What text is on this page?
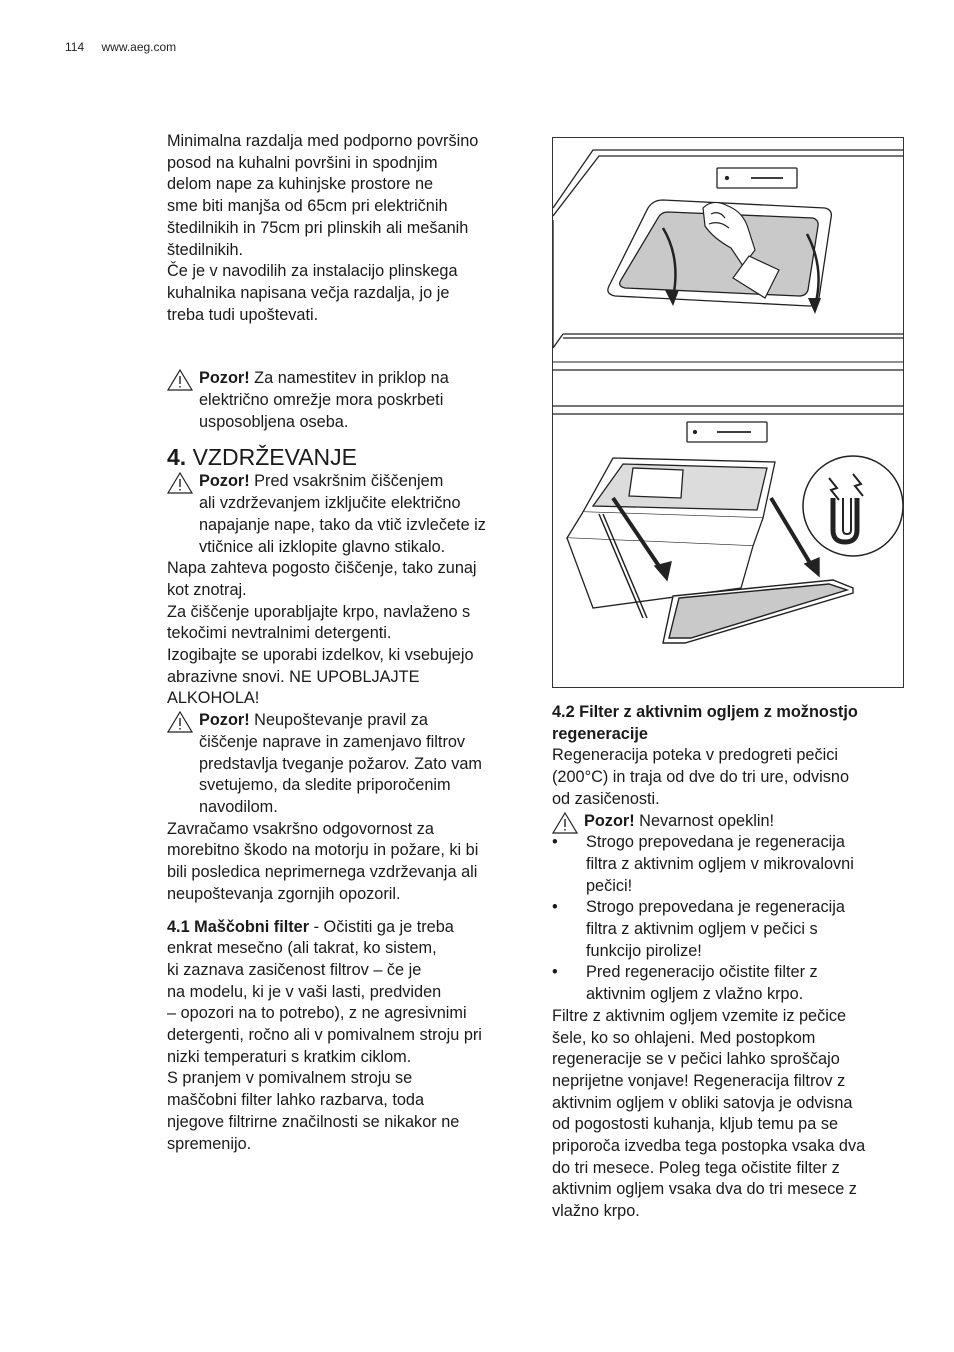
114 www.aeg.com

Minimalna razdalja med podporno površino

posod na kuhalni površini in spodnjim

delom nape za kuhinjske prostore ne

sme biti manjša od 65cm pri električnih

štedilnikih in 75cm pri plinskih ali mešanih

štedilnikih.

Če je v navodilih za instalacijo plinskega

kuhalnika napisana večja razdalja, jo je

treba tudi upoštevati.

Pozor! Za namestitev in priklop na

električno omrežje mora poskrbeti

usposobljena oseba.

4. VZDRŽEVANJE

Pozor! Pred vsakršnim čiščenjem

ali vzdrževanjem izključite električno

napajanje nape, tako da vtič izvlečete iz

vtičnice ali izklopite glavno stikalo.

Napa zahteva pogosto čiščenje, tako zunaj

kot znotraj.

Za čiščenje uporabljajte krpo, navlaženo s

tekočimi nevtralnimi detergenti.

Izogibajte se uporabi izdelkov, ki vsebujejo

abrazivne snovi. NE UPOBLJAJTE

ALKOHOLA!

Pozor! Neupoštevanje pravil za

čiščenje naprave in zamenjavo filtrov

predstavlja tveganje požarov. Zato vam

svetujemo, da sledite priporočenim

navodilom.

Zavračamo vsakršno odgovornost za

morebitno škodo na motorju in požare, ki bi

bili posledica neprimernega vzdrževanja ali

neupoštevanja zgornjih opozoril.

4.1 Maščobni filter - Očistiti ga je treba

enkrat mesečno (ali takrat, ko sistem,

ki zaznava zasičenost filtrov – če je

na modelu, ki je v vaši lasti, predviden

– opozori na to potrebo), z ne agresivnimi

detergenti, ročno ali v pomivalnem stroju pri

nizki temperaturi s kratkim ciklom.

S pranjem v pomivalnem stroju se

maščobni filter lahko razbarva, toda

njegove filtrirne značilnosti se nikakor ne

spremenijo.

4.2 Filter z aktivnim ogljem z možnostjo

regeneracije

Regeneracija poteka v predogreti pečici

(200°C) in traja od dve do tri ure, odvisno

od zasičenosti.

Pozor! Nevarnost opeklin!

• Strogo prepovedana je regeneracija

filtra z aktivnim ogljem v mikrovalovni

pečici!

• Strogo prepovedana je regeneracija

filtra z aktivnim ogljem v pečici s

funkcijo pirolize!

• Pred regeneracijo očistite filter z

aktivnim ogljem z vlažno krpo.

Filtre z aktivnim ogljem vzemite iz pečice

šele, ko so ohlajeni. Med postopkom

regeneracije se v pečici lahko sproščajo

neprijetne vonjave! Regeneracija filtrov z

aktivnim ogljem v obliki satovja je odvisna

od pogostosti kuhanja, kljub temu pa se

priporoča izvedba tega postopka vsaka dva

do tri mesece. Poleg tega očistite filter z

aktivnim ogljem vsaka dva do tri mesece z

vlažno krpo.
